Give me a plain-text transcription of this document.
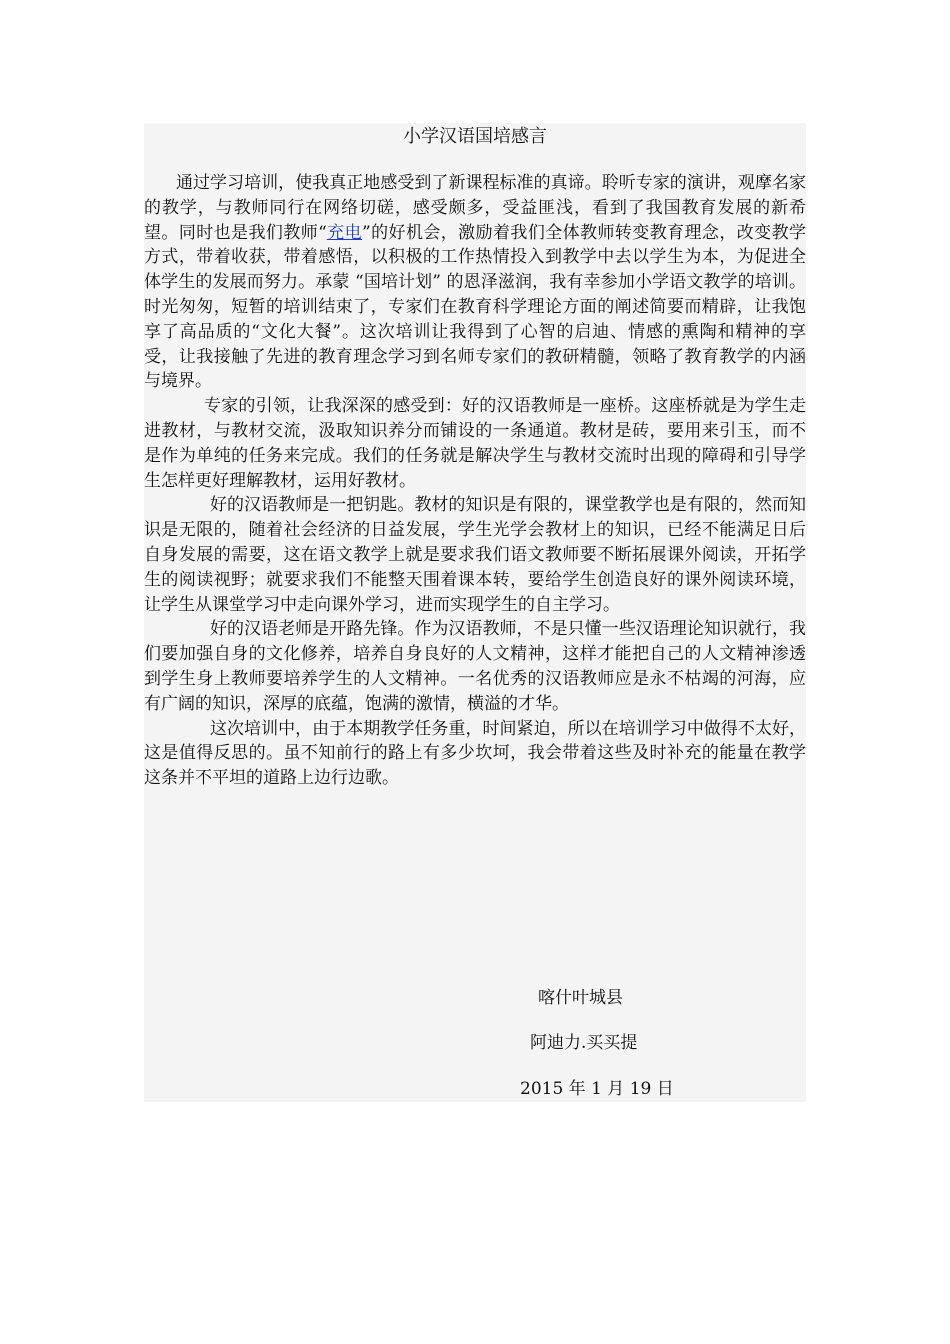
小学汉语国培感言

通过学习培训，使我真正地感受到了新课程标准的真谛。聆听专家的演讲，观摩名家的教学，与教师同行在网络切磋，感受颇多，受益匪浅，看到了我国教育发展的新希望。同时也是我们教师“充电”的好机会，激励着我们全体教师转变教育理念，改变教学方式，带着收获，带着感悟，以积极的工作热情投入到教学中去以学生为本，为促进全体学生的发展而努力。承蒙 “国培计划” 的恩泽滋润，我有幸参加小学语文教学的培训。时光匆匆，短暂的培训结束了，专家们在教育科学理论方面的阐述简要而精辟，让我饱享了高品质的“文化大餐”。这次培训让我得到了心智的启迪、情感的熏陶和精神的享受，让我接触了先进的教育理念学习到名师专家们的教研精髓，领略了教育教学的内涵与境界。

专家的引领，让我深深的感受到：好的汉语教师是一座桥。这座桥就是为学生走进教材，与教材交流，汲取知识养分而铺设的一条通道。教材是砖，要用来引玉，而不是作为单纯的任务来完成。我们的任务就是解决学生与教材交流时出现的障碍和引导学生怎样更好理解教材，运用好教材。

好的汉语教师是一把钥匙。教材的知识是有限的，课堂教学也是有限的，然而知识是无限的，随着社会经济的日益发展，学生光学会教材上的知识，已经不能满足日后自身发展的需要，这在语文教学上就是要求我们语文教师要不断拓展课外阅读，开拓学生的阅读视野；就要求我们不能整天围着课本转，要给学生创造良好的课外阅读环境，让学生从课堂学习中走向课外学习，进而实现学生的自主学习。

好的汉语老师是开路先锋。作为汉语教师，不是只懂一些汉语理论知识就行，我们要加强自身的文化修养，培养自身良好的人文精神，这样才能把自己的人文精神渗透到学生身上教师要培养学生的人文精神。一名优秀的汉语教师应是永不枯竭的河海，应有广阔的知识，深厚的底蕴，饱满的激情，横溢的才华。

这次培训中，由于本期教学任务重，时间紧迫，所以在培训学习中做得不太好，这是值得反思的。虽不知前行的路上有多少坎坷，我会带着这些及时补充的能量在教学这条并不平坦的道路上边行边歌。

喀什叶城县
阿迪力.买买提
2015 年 1 月 19 日
